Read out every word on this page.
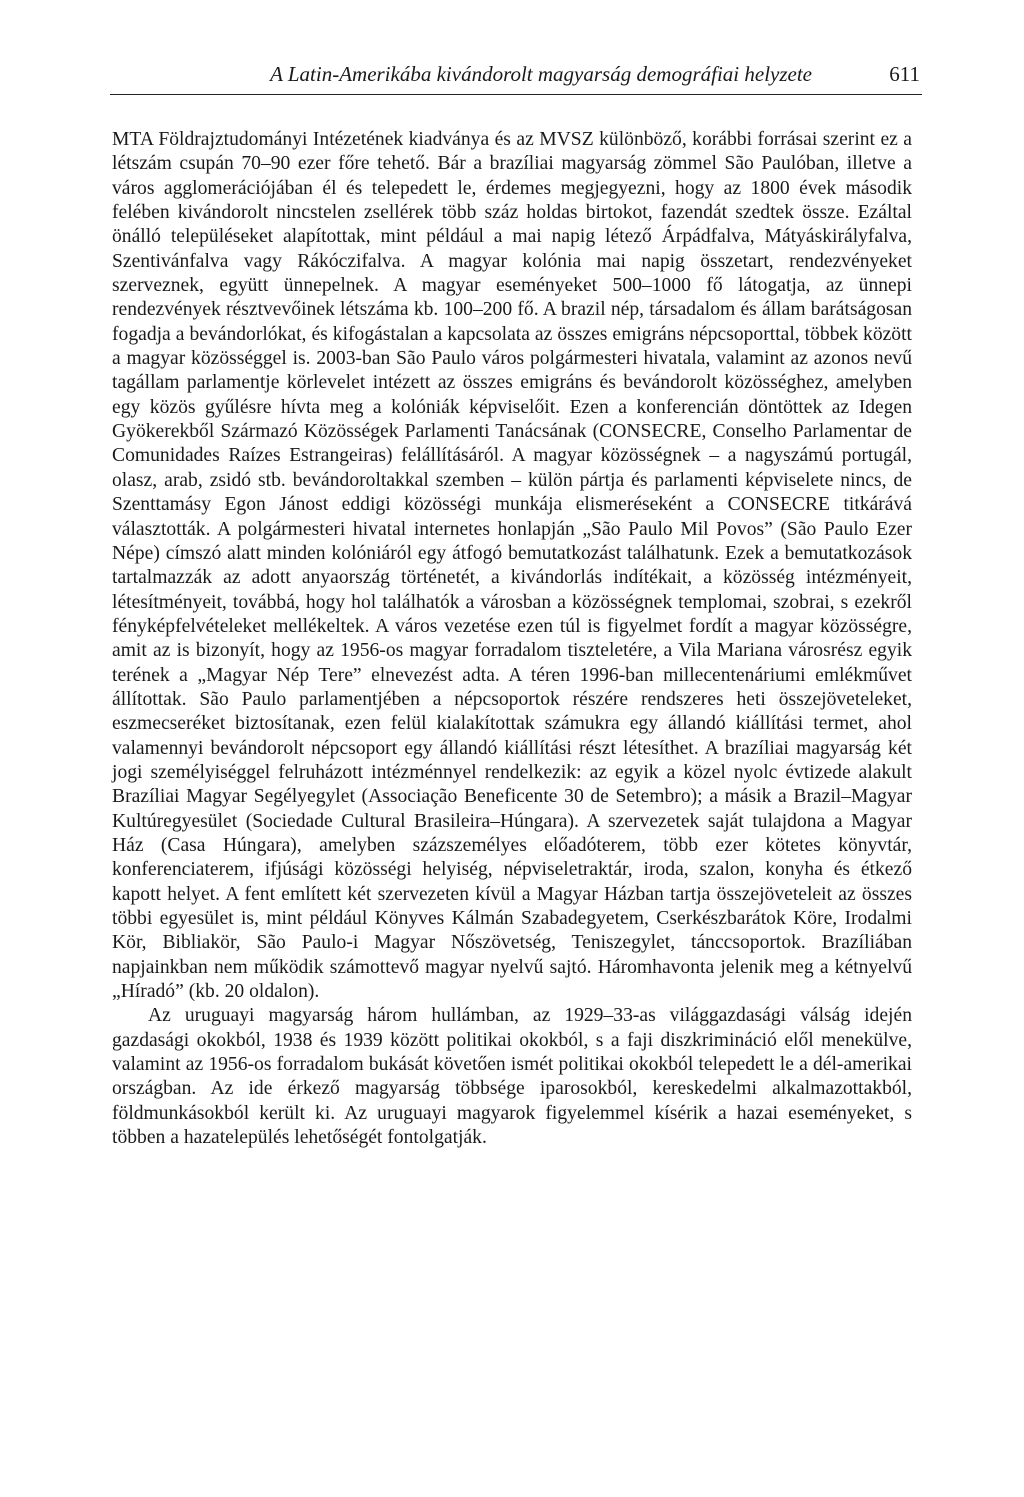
A Latin-Amerikába kivándorolt magyarság demográfiai helyzete	611

MTA Földrajztudományi Intézetének kiadványa és az MVSZ különböző, korábbi forrásai szerint ez a létszám csupán 70–90 ezer főre tehető. Bár a brazíliai magyarság zömmel São Paulóban, illetve a város agglomerációjában él és telepedett le, érdemes megjegyezni, hogy az 1800 évek második felében kivándorolt nincstelen zsellérek több száz holdas birtokot, fazendát szedtek össze. Ezáltal önálló településeket alapítottak, mint például a mai napig létező Árpádfalva, Mátyáskirályfalva, Szentivánfalva vagy Rákóczifalva. A magyar kolónia mai napig összetart, rendezvényeket szerveznek, együtt ünnepelnek. A magyar eseményeket 500–1000 fő látogatja, az ünnepi rendezvények résztvevőinek létszáma kb. 100–200 fő. A brazil nép, társadalom és állam barátságosan fogadja a bevándorlókat, és kifogástalan a kapcsolata az összes emigráns népcsoporttal, többek között a magyar közösséggel is. 2003-ban São Paulo város polgármesteri hivatala, valamint az azonos nevű tagállam parlamentje körlevelet intézett az összes emigráns és bevándorolt közösséghez, amelyben egy közös gyűlésre hívta meg a kolóniák képviselőit. Ezen a konferencián döntöttek az Idegen Gyökerekből Származó Közösségek Parlamenti Tanácsának (CONSECRE, Conselho Parlamentar de Comunidades Raízes Estrangeiras) felállításáról. A magyar közösségnek – a nagyszámú portugál, olasz, arab, zsidó stb. bevándoroltakkal szemben – külön pártja és parlamenti képviselete nincs, de Szenttamásy Egon Jánost eddigi közösségi munkája elismeréseként a CONSECRE titkárává választották. A polgármesteri hivatal internetes honlapján „São Paulo Mil Povos” (São Paulo Ezer Népe) címszó alatt minden kolóniáról egy átfogó bemutatkozást találhatunk. Ezek a bemutatkozások tartalmazzák az adott anyaország történetét, a kivándorlás indítékait, a közösség intézményeit, létesítményeit, továbbá, hogy hol találhatók a városban a közösségnek templomai, szobrai, s ezekről fényképfelvételeket mellékeltek. A város vezetése ezen túl is figyelmet fordít a magyar közösségre, amit az is bizonyít, hogy az 1956-os magyar forradalom tiszteletére, a Vila Mariana városrész egyik terének a „Magyar Nép Tere” elnevezést adta. A téren 1996-ban millecentenáriumi emlékművet állítottak. São Paulo parlamentjében a népcsoportok részére rendszeres heti összejöveteleket, eszmecseréket biztosítanak, ezen felül kialakítottak számukra egy állandó kiállítási termet, ahol valamennyi bevándorolt népcsoport egy állandó kiállítási részt létesíthet. A brazíliai magyarság két jogi személyiséggel felruházott intézménnyel rendelkezik: az egyik a közel nyolc évtizede alakult Brazíliai Magyar Segélyegylet (Associação Beneficente 30 de Setembro); a másik a Brazil–Magyar Kultúregyesület (Sociedade Cultural Brasileira–Húngara). A szervezetek saját tulajdona a Magyar Ház (Casa Húngara), amelyben százszemélyes előadóterem, több ezer kötetes könyvtár, konferenciaterem, ifjúsági közösségi helyiség, népviseletraktár, iroda, szalon, konyha és étkező kapott helyet. A fent említett két szervezeten kívül a Magyar Házban tartja összejöveteleit az összes többi egyesület is, mint például Könyves Kálmán Szabadegyetem, Cserkészbarátok Köre, Irodalmi Kör, Bibliakör, São Paulo-i Magyar Nőszövetség, Teniszegylet, tánccsoportok. Brazíliában napjainkban nem működik számottevő magyar nyelvű sajtó. Háromhavonta jelenik meg a kétnyelvű „Híradó” (kb. 20 oldalon).

Az uruguayi magyarság három hullámban, az 1929–33-as világgazdasági válság idején gazdasági okokból, 1938 és 1939 között politikai okokból, s a faji diszkrimináció elől menekülve, valamint az 1956-os forradalom bukását követően ismét politikai okokból telepedett le a dél-amerikai országban. Az ide érkező magyarság többsége iparosokból, kereskedelmi alkalmazottakból, földmunkásokból került ki. Az uruguayi magyarok figyelemmel kísérik a hazai eseményeket, s többen a hazatelepülés lehetőségét fontolgatják.
